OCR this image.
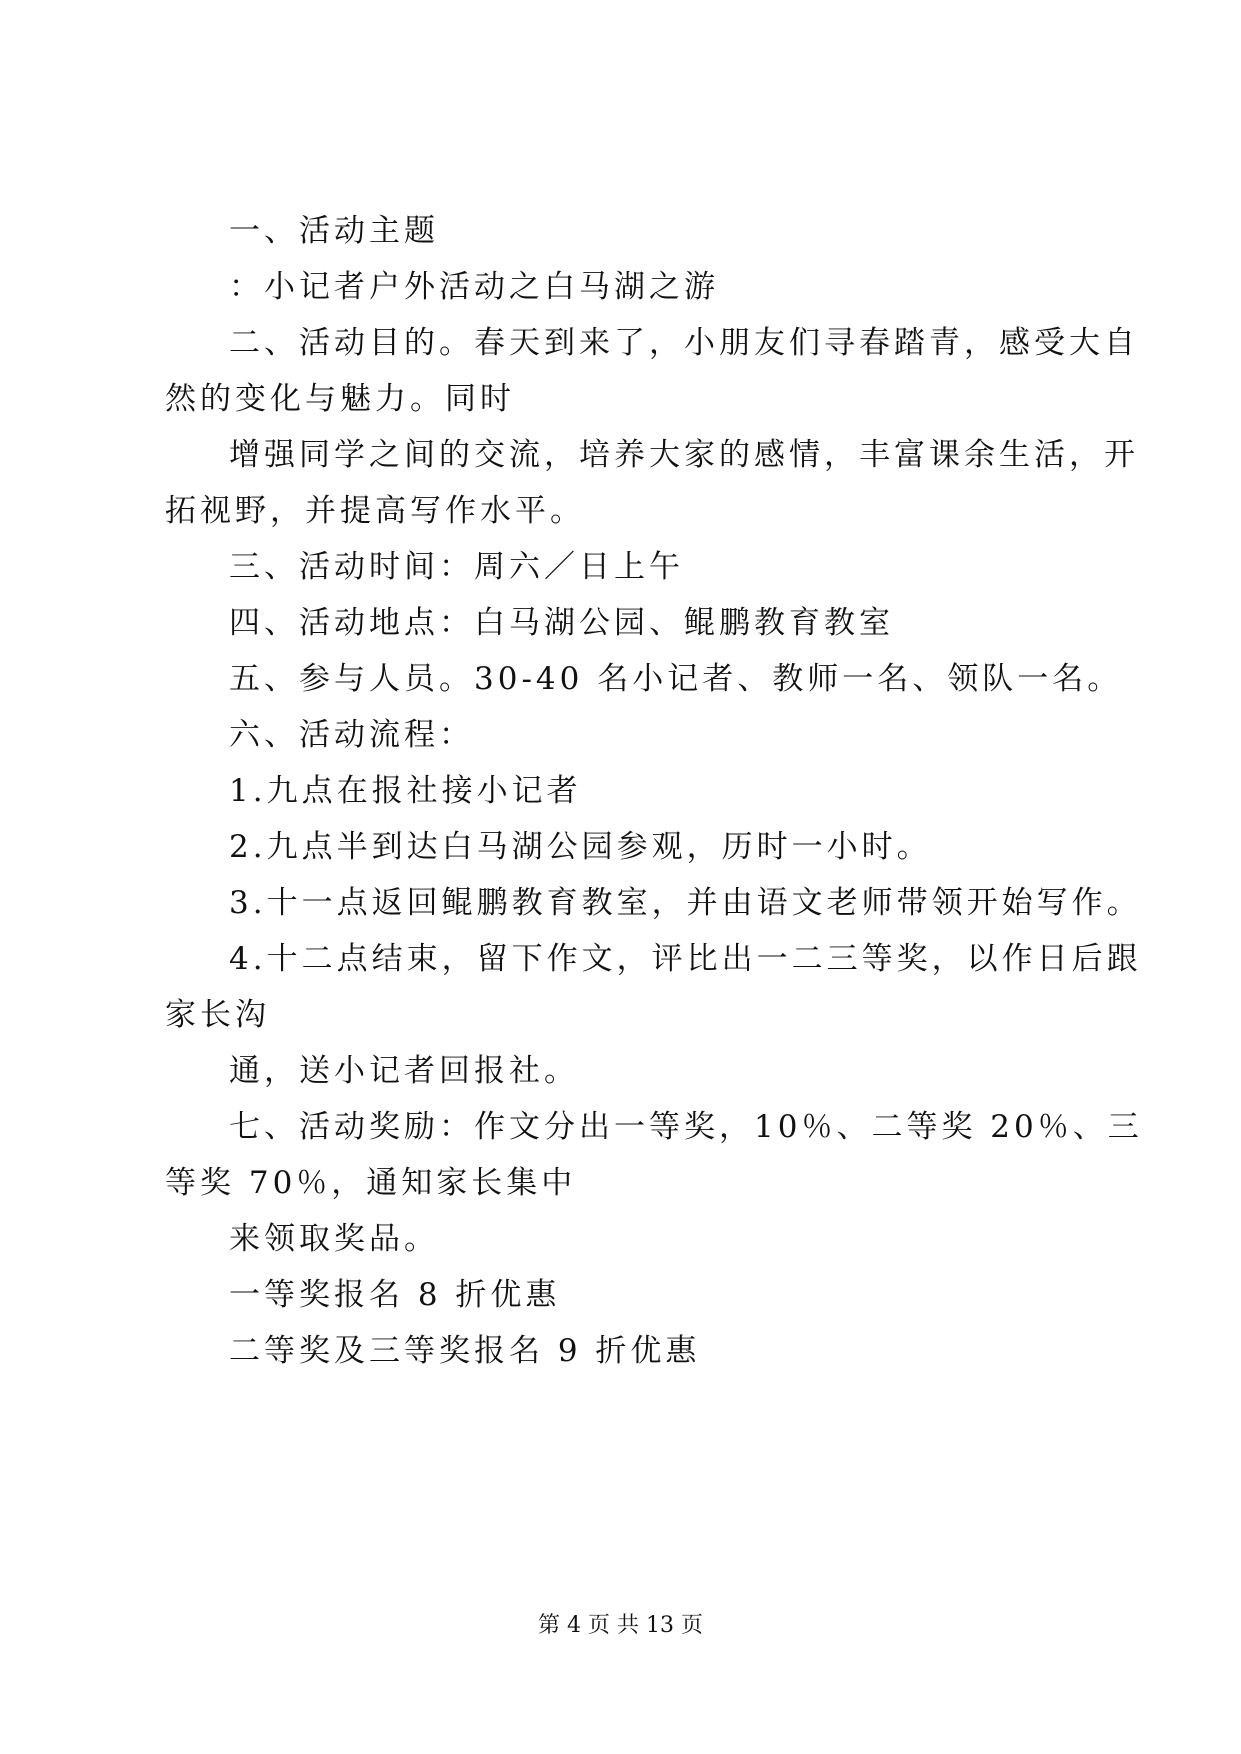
一、活动主题
：小记者户外活动之白马湖之游
二、活动目的。春天到来了，小朋友们寻春踏青，感受大自
然的变化与魅力。同时
增强同学之间的交流，培养大家的感情，丰富课余生活，开
拓视野，并提高写作水平。
三、活动时间：周六／日上午
四、活动地点：白马湖公园、鲲鹏教育教室
五、参与人员。30-40 名小记者、教师一名、领队一名。
六、活动流程：
1.九点在报社接小记者
2.九点半到达白马湖公园参观，历时一小时。
3.十一点返回鲲鹏教育教室，并由语文老师带领开始写作。
4.十二点结束，留下作文，评比出一二三等奖，以作日后跟
家长沟
通，送小记者回报社。
七、活动奖励：作文分出一等奖，10％、二等奖 20％、三
等奖 70％，通知家长集中
来领取奖品。
一等奖报名 8 折优惠
二等奖及三等奖报名 9 折优惠
第 4 页 共 13 页
